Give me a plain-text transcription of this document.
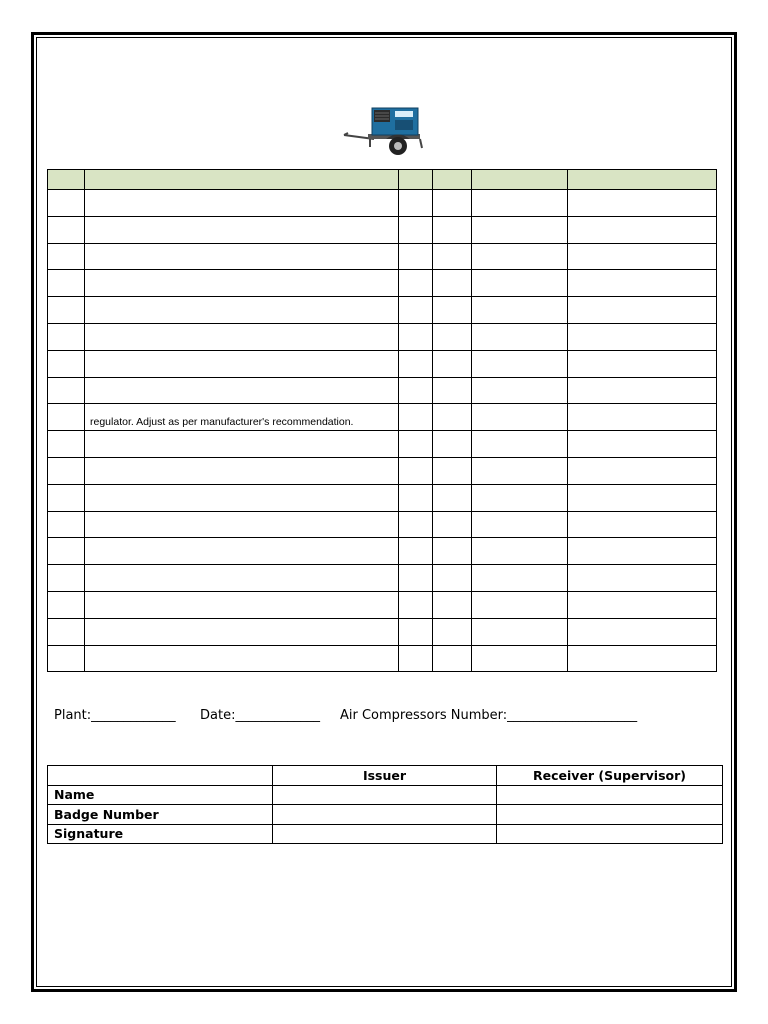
	regulator. Adjust as per manufacturer's recommendation.				

Plant:_____________ Date:_____________ Air Compressors Number:____________________
	Issuer	Receiver (Supervisor)
Name		
Badge Number		
Signature		
